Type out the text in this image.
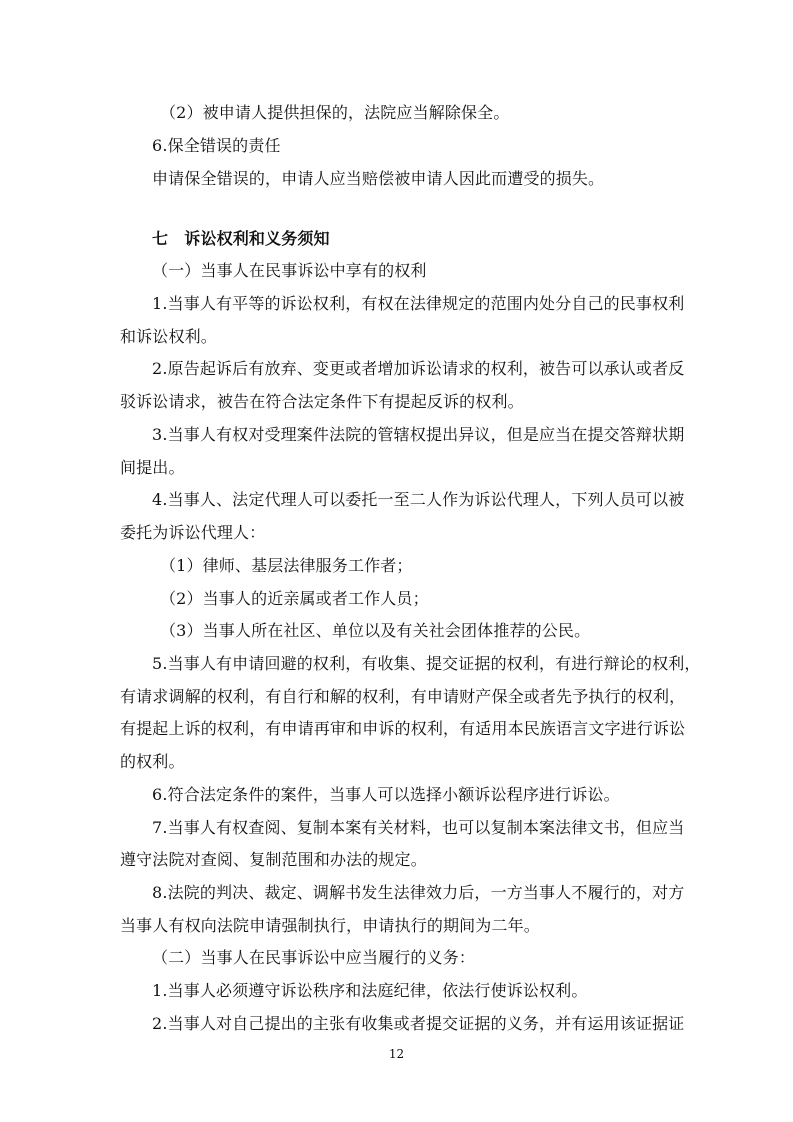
（2）被申请人提供担保的，法院应当解除保全。
6.保全错误的责任
申请保全错误的，申请人应当赔偿被申请人因此而遭受的损失。
七　诉讼权利和义务须知
（一）当事人在民事诉讼中享有的权利
1.当事人有平等的诉讼权利，有权在法律规定的范围内处分自己的民事权利
和诉讼权利。
2.原告起诉后有放弃、变更或者增加诉讼请求的权利，被告可以承认或者反
驳诉讼请求，被告在符合法定条件下有提起反诉的权利。
3.当事人有权对受理案件法院的管辖权提出异议，但是应当在提交答辩状期
间提出。
4.当事人、法定代理人可以委托一至二人作为诉讼代理人，下列人员可以被
委托为诉讼代理人：
（1）律师、基层法律服务工作者；
（2）当事人的近亲属或者工作人员；
（3）当事人所在社区、单位以及有关社会团体推荐的公民。
5.当事人有申请回避的权利，有收集、提交证据的权利，有进行辩论的权利，
有请求调解的权利，有自行和解的权利，有申请财产保全或者先予执行的权利，
有提起上诉的权利，有申请再审和申诉的权利，有适用本民族语言文字进行诉讼
的权利。
6.符合法定条件的案件，当事人可以选择小额诉讼程序进行诉讼。
7.当事人有权查阅、复制本案有关材料，也可以复制本案法律文书，但应当
遵守法院对查阅、复制范围和办法的规定。
8.法院的判决、裁定、调解书发生法律效力后，一方当事人不履行的，对方
当事人有权向法院申请强制执行，申请执行的期间为二年。
（二）当事人在民事诉讼中应当履行的义务：
1.当事人必须遵守诉讼秩序和法庭纪律，依法行使诉讼权利。
2.当事人对自己提出的主张有收集或者提交证据的义务，并有运用该证据证
12
